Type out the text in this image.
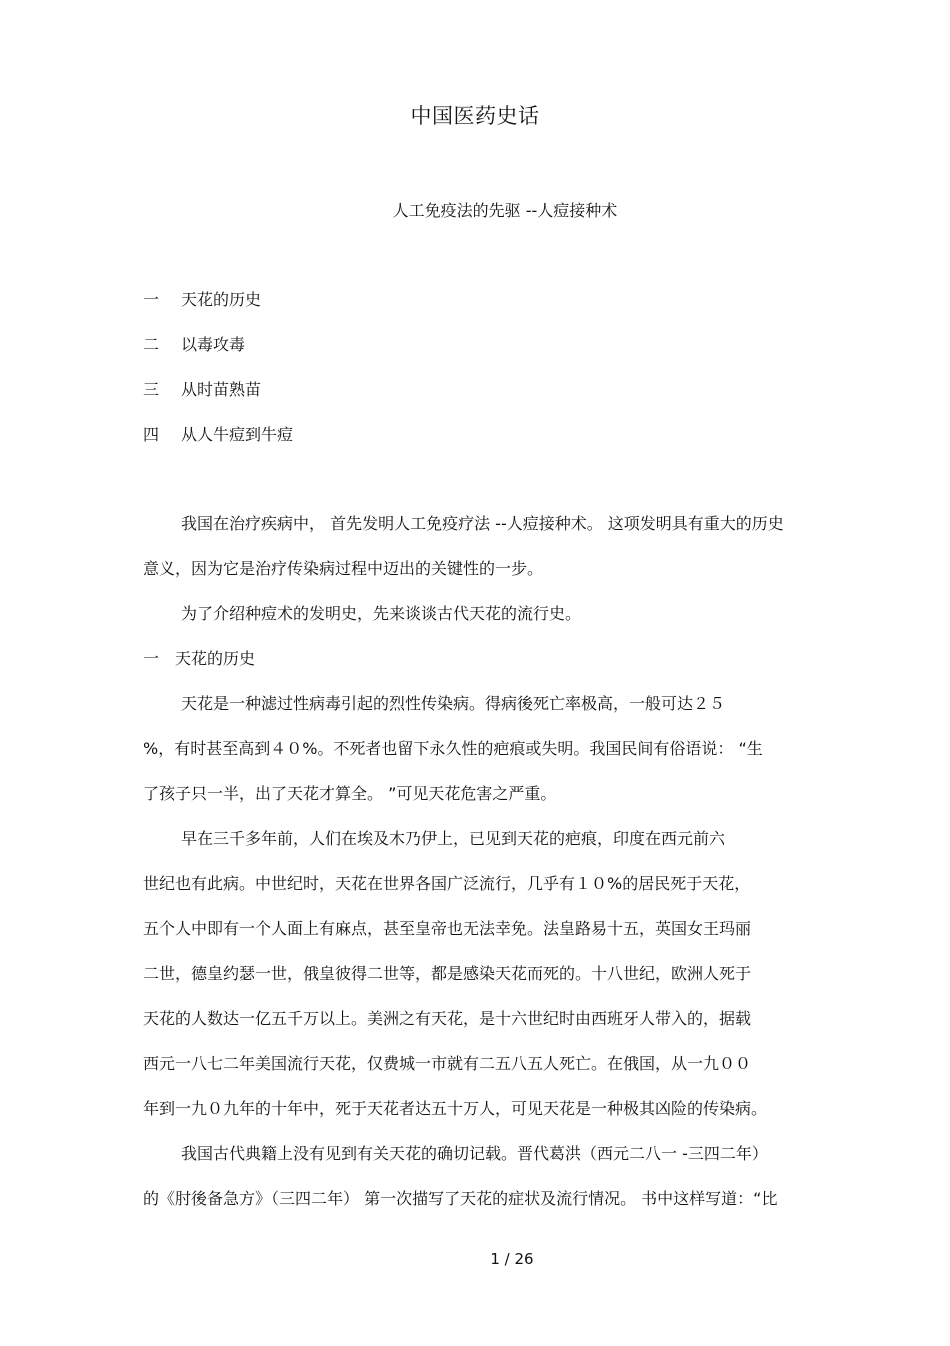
中国医药史话
人工免疫法的先驱 --人痘接种术
一 天花的历史
二 以毒攻毒
三 从时苗熟苗
四 从人牛痘到牛痘
我国在治疗疾病中， 首先发明人工免疫疗法 --人痘接种术。 这项发明具有重大的历史
意义，因为它是治疗传染病过程中迈出的关键性的一步。
为了介绍种痘术的发明史，先来谈谈古代天花的流行史。
一　天花的历史
天花是一种滤过性病毒引起的烈性传染病。得病後死亡率极高，一般可达２５
%，有时甚至高到４０%。不死者也留下永久性的疤痕或失明。我国民间有俗语说： “生
了孩子只一半，出了天花才算全。 ”可见天花危害之严重。
早在三千多年前，人们在埃及木乃伊上，已见到天花的疤痕，印度在西元前六
世纪也有此病。中世纪时，天花在世界各国广泛流行，几乎有１０%的居民死于天花，
五个人中即有一个人面上有麻点，甚至皇帝也无法幸免。法皇路易十五，英国女王玛丽
二世，德皇约瑟一世，俄皇彼得二世等，都是感染天花而死的。十八世纪，欧洲人死于
天花的人数达一亿五千万以上。美洲之有天花，是十六世纪时由西班牙人带入的，据载
西元一八七二年美国流行天花，仅费城一市就有二五八五人死亡。在俄国，从一九００
年到一九０九年的十年中，死于天花者达五十万人，可见天花是一种极其凶险的传染病。
我国古代典籍上没有见到有关天花的确切记载。晋代葛洪（西元二八一 -三四二年）
的《肘後备急方》（三四二年） 第一次描写了天花的症状及流行情况。 书中这样写道：“比
1 / 26
